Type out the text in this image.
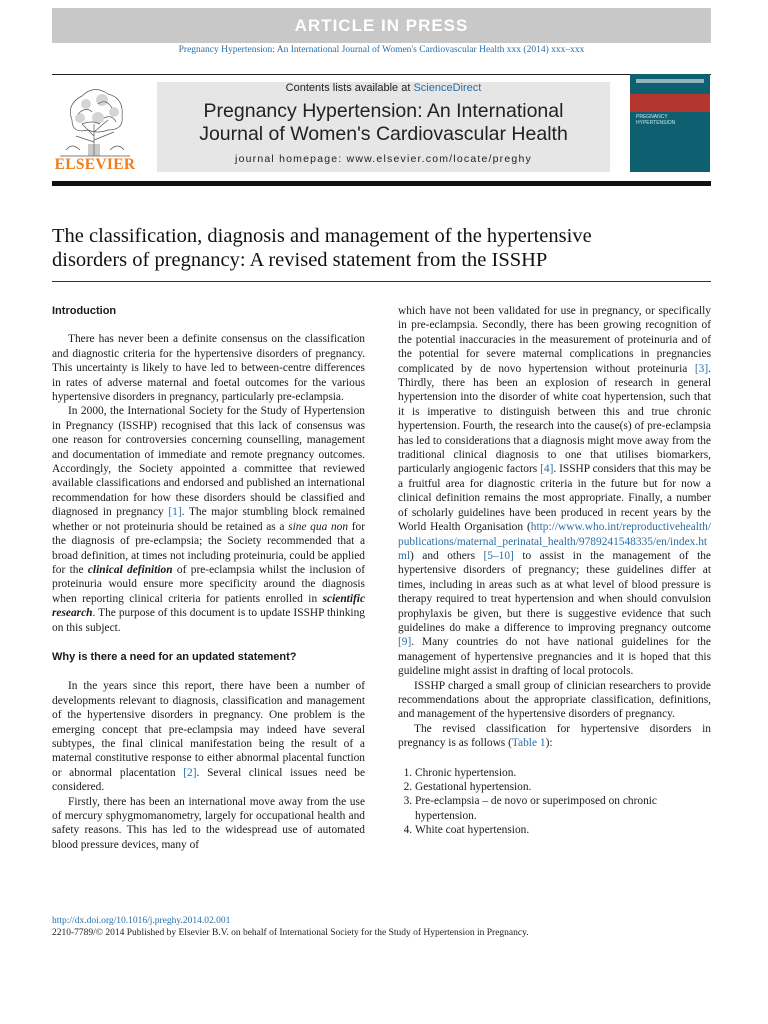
ARTICLE IN PRESS
Pregnancy Hypertension: An International Journal of Women's Cardiovascular Health xxx (2014) xxx–xxx
ELSEVIER
Contents lists available at ScienceDirect
Pregnancy Hypertension: An International
Journal of Women's Cardiovascular Health
journal homepage: www.elsevier.com/locate/preghy
PREGNANCY
HYPERTENSION
The classification, diagnosis and management of the hypertensive
disorders of pregnancy: A revised statement from the ISSHP
Introduction

There has never been a definite consensus on the classification and diagnostic criteria for the hypertensive disorders of pregnancy. This uncertainty is likely to have led to between-centre differences in rates of adverse maternal and foetal outcomes for the various hypertensive disorders in pregnancy, particularly pre-eclampsia.

In 2000, the International Society for the Study of Hypertension in Pregnancy (ISSHP) recognised that this lack of consensus was one reason for controversies concerning counselling, management and documentation of immediate and remote pregnancy outcomes. Accordingly, the Society appointed a committee that reviewed available classifications and endorsed and published an international recommendation for how these disorders should be classified and diagnosed in pregnancy [1]. The major stumbling block remained whether or not proteinuria should be retained as a sine qua non for the diagnosis of pre-eclampsia; the Society recommended that a broad definition, at times not including proteinuria, could be applied for the clinical definition of pre-eclampsia whilst the inclusion of proteinuria would ensure more specificity around the diagnosis when reporting clinical criteria for patients enrolled in scientific research. The purpose of this document is to update ISSHP thinking on this subject.

Why is there a need for an updated statement?

In the years since this report, there have been a number of developments relevant to diagnosis, classification and management of the hypertensive disorders in pregnancy. One problem is the emerging concept that pre-eclampsia may indeed have several subtypes, the final clinical manifestation being the result of a maternal constitutive response to either abnormal placental function or abnormal placentation [2]. Several clinical issues need be considered.

Firstly, there has been an international move away from the use of mercury sphygmomanometry, largely for occupational health and safety reasons. This has led to the widespread use of automated blood pressure devices, many of

which have not been validated for use in pregnancy, or specifically in pre-eclampsia. Secondly, there has been growing recognition of the potential inaccuracies in the measurement of proteinuria and of the potential for severe maternal complications in pregnancies complicated by de novo hypertension without proteinuria [3]. Thirdly, there has been an explosion of research in general hypertension into the disorder of white coat hypertension, such that it is imperative to distinguish between this and true chronic hypertension. Fourth, the research into the cause(s) of pre-eclampsia has led to considerations that a diagnosis might move away from the traditional clinical diagnosis to one that utilises biomarkers, particularly angiogenic factors [4]. ISSHP considers that this may be a fruitful area for diagnostic criteria in the future but for now a clinical definition remains the most appropriate. Finally, a number of scholarly guidelines have been produced in recent years by the World Health Organisation (http://www.who.int/reproductivehealth/publications/maternal_perinatal_health/9789241548335/en/index.html) and others [5–10] to assist in the management of the hypertensive disorders of pregnancy; these guidelines differ at times, including in areas such as at what level of blood pressure is therapy required to treat hypertension and when should convulsion prophylaxis be given, but there is suggestive evidence that such guidelines do make a difference to improving pregnancy outcome [9]. Many countries do not have national guidelines for the management of hypertensive pregnancies and it is hoped that this guideline might assist in drafting of local protocols.

ISSHP charged a small group of clinician researchers to provide recommendations about the appropriate classification, definitions, and management of the hypertensive disorders of pregnancy.

The revised classification for hypertensive disorders in pregnancy is as follows (Table 1):

1. Chronic hypertension.
2. Gestational hypertension.
3. Pre-eclampsia – de novo or superimposed on chronic hypertension.
4. White coat hypertension.
http://dx.doi.org/10.1016/j.preghy.2014.02.001
2210-7789/© 2014 Published by Elsevier B.V. on behalf of International Society for the Study of Hypertension in Pregnancy.
